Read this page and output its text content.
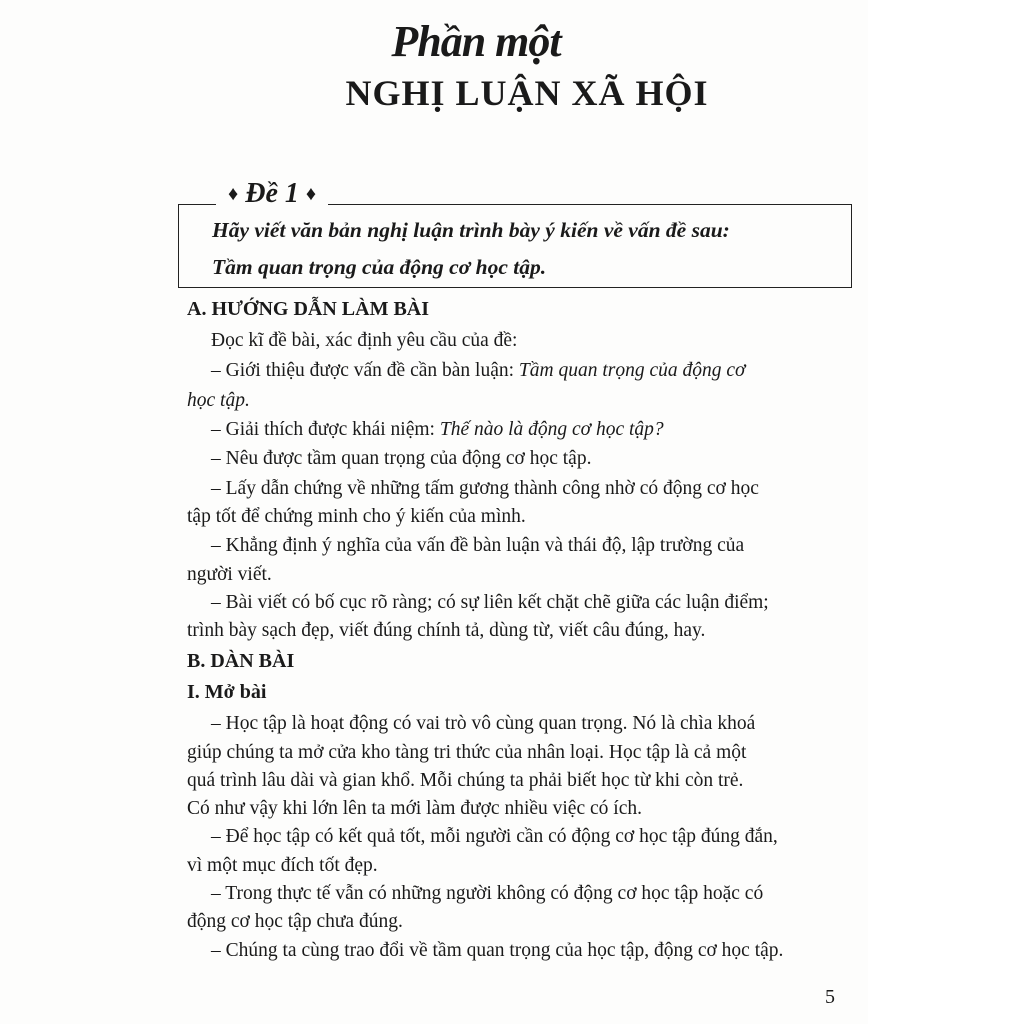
Phần một
NGHỊ LUẬN XÃ HỘI
♦ Đề 1 ♦
Hãy viết văn bản nghị luận trình bày ý kiến về vấn đề sau:
Tầm quan trọng của động cơ học tập.
A. HƯỚNG DẪN LÀM BÀI
Đọc kĩ đề bài, xác định yêu cầu của đề:
– Giới thiệu được vấn đề cần bàn luận: Tầm quan trọng của động cơ
học tập.
– Giải thích được khái niệm: Thế nào là động cơ học tập?
– Nêu được tầm quan trọng của động cơ học tập.
– Lấy dẫn chứng về những tấm gương thành công nhờ có động cơ học
tập tốt để chứng minh cho ý kiến của mình.
– Khẳng định ý nghĩa của vấn đề bàn luận và thái độ, lập trường của
người viết.
– Bài viết có bố cục rõ ràng; có sự liên kết chặt chẽ giữa các luận điểm;
trình bày sạch đẹp, viết đúng chính tả, dùng từ, viết câu đúng, hay.
B. DÀN BÀI
I. Mở bài
– Học tập là hoạt động có vai trò vô cùng quan trọng. Nó là chìa khoá
giúp chúng ta mở cửa kho tàng tri thức của nhân loại. Học tập là cả một
quá trình lâu dài và gian khổ. Mỗi chúng ta phải biết học từ khi còn trẻ.
Có như vậy khi lớn lên ta mới làm được nhiều việc có ích.
– Để học tập có kết quả tốt, mỗi người cần có động cơ học tập đúng đắn,
vì một mục đích tốt đẹp.
– Trong thực tế vẫn có những người không có động cơ học tập hoặc có
động cơ học tập chưa đúng.
– Chúng ta cùng trao đổi về tầm quan trọng của học tập, động cơ học tập.
5
